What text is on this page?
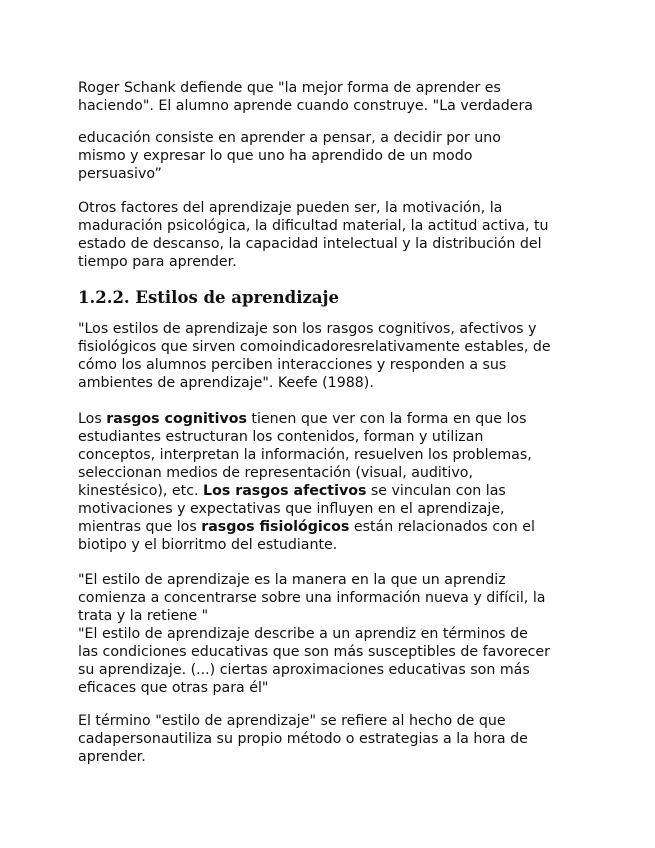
Roger Schank defiende que "la mejor forma de aprender es
haciendo". El alumno aprende cuando construye. "La verdadera

educación consiste en aprender a pensar, a decidir por uno
mismo y expresar lo que uno ha aprendido de un modo
persuasivo”

Otros factores del aprendizaje pueden ser, la motivación, la
maduración psicológica, la dificultad material, la actitud activa, tu
estado de descanso, la capacidad intelectual y la distribución del
tiempo para aprender.

1.2.2. Estilos de aprendizaje

"Los estilos de aprendizaje son los rasgos cognitivos, afectivos y
fisiológicos que sirven comoindicadoresrelativamente estables, de
cómo los alumnos perciben interacciones y responden a sus
ambientes de aprendizaje". Keefe (1988).

Los rasgos cognitivos tienen que ver con la forma en que los
estudiantes estructuran los contenidos, forman y utilizan
conceptos, interpretan la información, resuelven los problemas,
seleccionan medios de representación (visual, auditivo,
kinestésico), etc. Los rasgos afectivos se vinculan con las
motivaciones y expectativas que influyen en el aprendizaje,
mientras que los rasgos fisiológicos están relacionados con el
biotipo y el biorritmo del estudiante.

"El estilo de aprendizaje es la manera en la que un aprendiz
comienza a concentrarse sobre una información nueva y difícil, la
trata y la retiene "
"El estilo de aprendizaje describe a un aprendiz en términos de
las condiciones educativas que son más susceptibles de favorecer
su aprendizaje. (...) ciertas aproximaciones educativas son más
eficaces que otras para él"

El término "estilo de aprendizaje" se refiere al hecho de que
cadapersonautiliza su propio método o estrategias a la hora de
aprender.
